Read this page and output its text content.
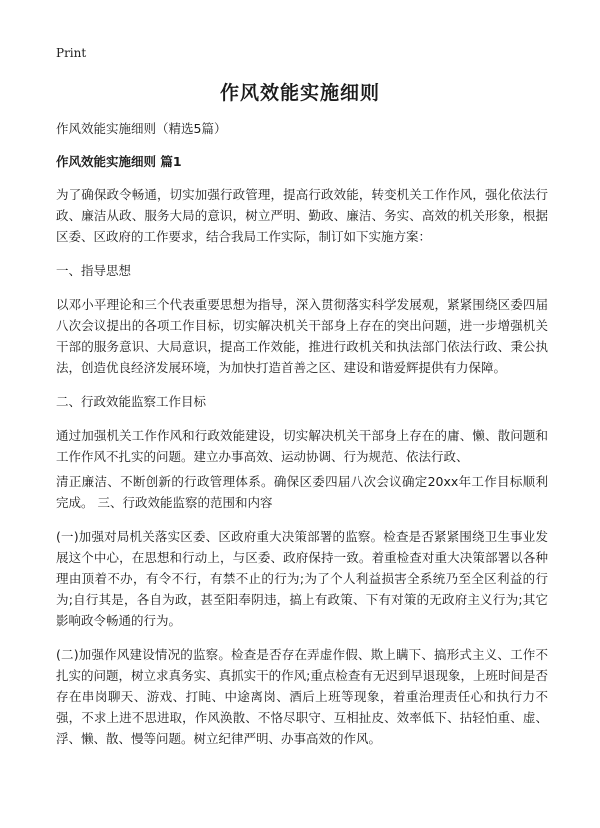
Print
作风效能实施细则

作风效能实施细则（精选5篇）

作风效能实施细则 篇1

为了确保政令畅通，切实加强行政管理，提高行政效能，转变机关工作作风，强化依法行政、廉洁从政、服务大局的意识，树立严明、勤政、廉洁、务实、高效的机关形象，根据区委、区政府的工作要求，结合我局工作实际，制订如下实施方案：

一、指导思想

以邓小平理论和三个代表重要思想为指导，深入贯彻落实科学发展观，紧紧围绕区委四届八次会议提出的各项工作目标，切实解决机关干部身上存在的突出问题，进一步增强机关干部的服务意识、大局意识，提高工作效能，推进行政机关和执法部门依法行政、秉公执法，创造优良经济发展环境，为加快打造首善之区、建设和谐爱辉提供有力保障。

二、行政效能监察工作目标

通过加强机关工作作风和行政效能建设，切实解决机关干部身上存在的庸、懒、散问题和工作作风不扎实的问题。建立办事高效、运动协调、行为规范、依法行政、

清正廉洁、不断创新的行政管理体系。确保区委四届八次会议确定20xx年工作目标顺利完成。 三、行政效能监察的范围和内容

(一)加强对局机关落实区委、区政府重大决策部署的监察。检查是否紧紧围绕卫生事业发展这个中心，在思想和行动上，与区委、政府保持一致。着重检查对重大决策部署以各种理由顶着不办，有令不行，有禁不止的行为;为了个人利益损害全系统乃至全区利益的行为;自行其是，各自为政，甚至阳奉阴违，搞上有政策、下有对策的无政府主义行为;其它影响政令畅通的行为。

(二)加强作风建设情况的监察。检查是否存在弄虚作假、欺上瞒下、搞形式主义、工作不扎实的问题，树立求真务实、真抓实干的作风;重点检查有无迟到早退现象，上班时间是否存在串岗聊天、游戏、打盹、中途离岗、酒后上班等现象，着重治理责任心和执行力不强，不求上进不思进取，作风涣散、不恪尽职守、互相扯皮、效率低下、拈轻怕重、虚、浮、懒、散、慢等问题。树立纪律严明、办事高效的作风。
